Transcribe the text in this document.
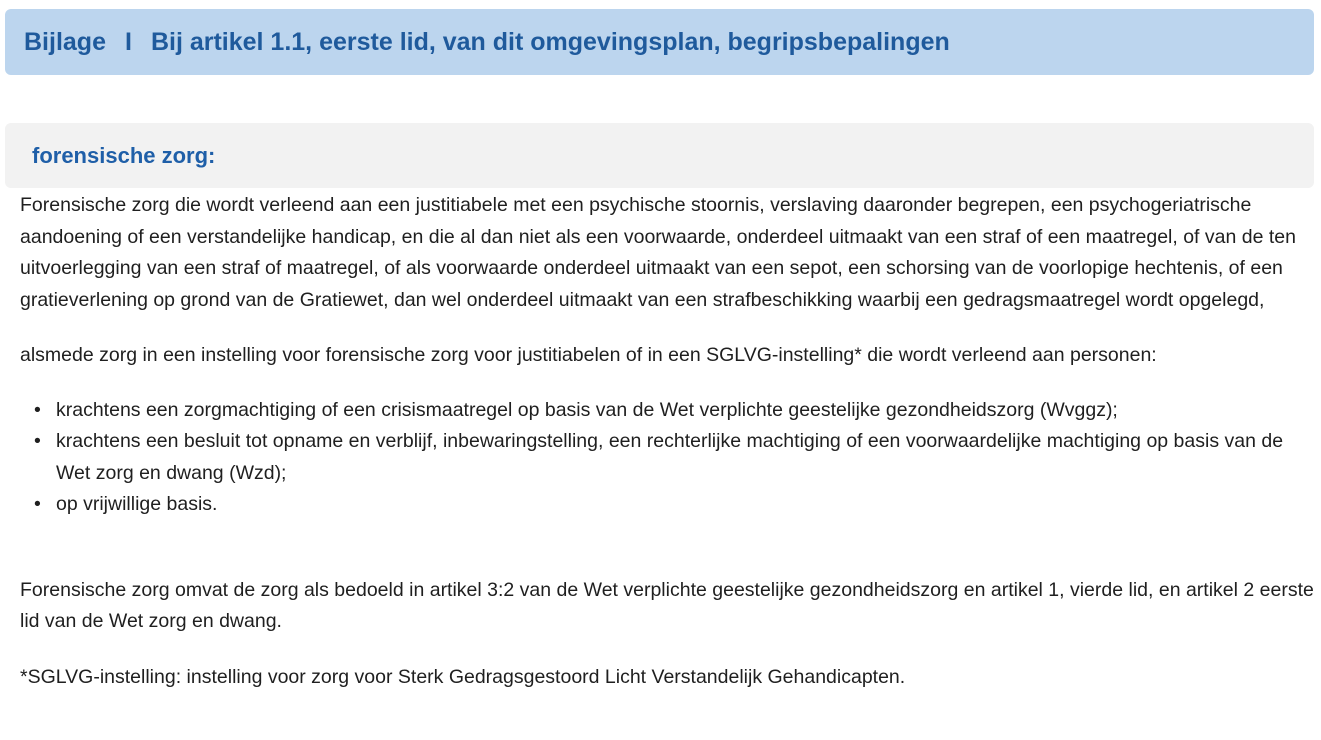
Bijlage I Bij artikel 1.1, eerste lid, van dit omgevingsplan, begripsbepalingen
forensische zorg:

Forensische zorg die wordt verleend aan een justitiabele met een psychische stoornis, verslaving daaronder begrepen, een psychogeriatrische aandoening of een verstandelijke handicap, en die al dan niet als een voorwaarde, onderdeel uitmaakt van een straf of een maatregel, of van de ten uitvoerlegging van een straf of maatregel, of als voorwaarde onderdeel uitmaakt van een sepot, een schorsing van de voorlopige hechtenis, of een gratieverlening op grond van de Gratiewet, dan wel onderdeel uitmaakt van een strafbeschikking waarbij een gedragsmaatregel wordt opgelegd,

alsmede zorg in een instelling voor forensische zorg voor justitiabelen of in een SGLVG-instelling* die wordt verleend aan personen:

• krachtens een zorgmachtiging of een crisismaatregel op basis van de Wet verplichte geestelijke gezondheidszorg (Wvggz);
• krachtens een besluit tot opname en verblijf, inbewaringstelling, een rechterlijke machtiging of een voorwaardelijke machtiging op basis van de Wet zorg en dwang (Wzd);
• op vrijwillige basis.

Forensische zorg omvat de zorg als bedoeld in artikel 3:2 van de Wet verplichte geestelijke gezondheidszorg en artikel 1, vierde lid, en artikel 2 eerste lid van de Wet zorg en dwang.

*SGLVG-instelling: instelling voor zorg voor Sterk Gedragsgestoord Licht Verstandelijk Gehandicapten.
